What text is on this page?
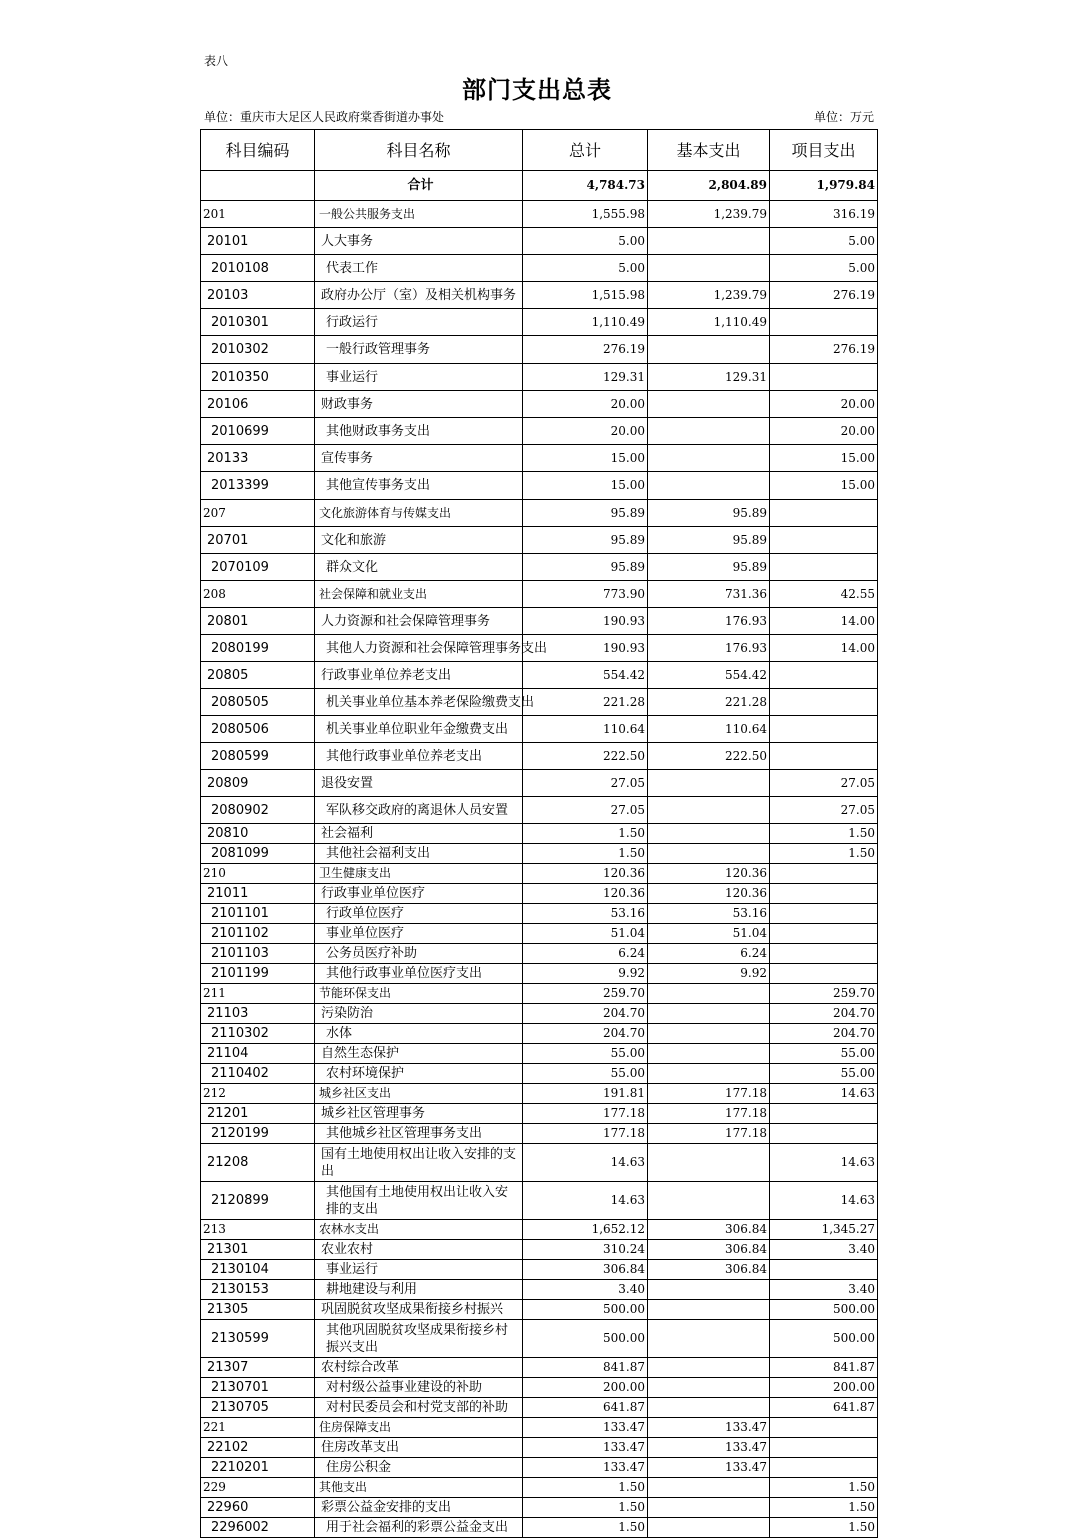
表八
部门支出总表
单位：重庆市大足区人民政府棠香街道办事处	单位：万元
科目编码	科目名称	总计	基本支出	项目支出
	合计	4,784.73	2,804.89	1,979.84
201	一般公共服务支出	1,555.98	1,239.79	316.19
20101	人大事务	5.00		5.00
2010108	代表工作	5.00		5.00
20103	政府办公厅（室）及相关机构事务	1,515.98	1,239.79	276.19
2010301	行政运行	1,110.49	1,110.49	
2010302	一般行政管理事务	276.19		276.19
2010350	事业运行	129.31	129.31	
20106	财政事务	20.00		20.00
2010699	其他财政事务支出	20.00		20.00
20133	宣传事务	15.00		15.00
2013399	其他宣传事务支出	15.00		15.00
207	文化旅游体育与传媒支出	95.89	95.89	
20701	文化和旅游	95.89	95.89	
2070109	群众文化	95.89	95.89	
208	社会保障和就业支出	773.90	731.36	42.55
20801	人力资源和社会保障管理事务	190.93	176.93	14.00
2080199	其他人力资源和社会保障管理事务支出	190.93	176.93	14.00
20805	行政事业单位养老支出	554.42	554.42	
2080505	机关事业单位基本养老保险缴费支出	221.28	221.28	
2080506	机关事业单位职业年金缴费支出	110.64	110.64	
2080599	其他行政事业单位养老支出	222.50	222.50	
20809	退役安置	27.05		27.05
2080902	军队移交政府的离退休人员安置	27.05		27.05
20810	社会福利	1.50		1.50
2081099	其他社会福利支出	1.50		1.50
210	卫生健康支出	120.36	120.36	
21011	行政事业单位医疗	120.36	120.36	
2101101	行政单位医疗	53.16	53.16	
2101102	事业单位医疗	51.04	51.04	
2101103	公务员医疗补助	6.24	6.24	
2101199	其他行政事业单位医疗支出	9.92	9.92	
211	节能环保支出	259.70		259.70
21103	污染防治	204.70		204.70
2110302	水体	204.70		204.70
21104	自然生态保护	55.00		55.00
2110402	农村环境保护	55.00		55.00
212	城乡社区支出	191.81	177.18	14.63
21201	城乡社区管理事务	177.18	177.18	
2120199	其他城乡社区管理事务支出	177.18	177.18	
21208	国有土地使用权出让收入安排的支出	14.63		14.63
2120899	其他国有土地使用权出让收入安排的支出	14.63		14.63
213	农林水支出	1,652.12	306.84	1,345.27
21301	农业农村	310.24	306.84	3.40
2130104	事业运行	306.84	306.84	
2130153	耕地建设与利用	3.40		3.40
21305	巩固脱贫攻坚成果衔接乡村振兴	500.00		500.00
2130599	其他巩固脱贫攻坚成果衔接乡村振兴支出	500.00		500.00
21307	农村综合改革	841.87		841.87
2130701	对村级公益事业建设的补助	200.00		200.00
2130705	对村民委员会和村党支部的补助	641.87		641.87
221	住房保障支出	133.47	133.47	
22102	住房改革支出	133.47	133.47	
2210201	住房公积金	133.47	133.47	
229	其他支出	1.50		1.50
22960	彩票公益金安排的支出	1.50		1.50
2296002	用于社会福利的彩票公益金支出	1.50		1.50
